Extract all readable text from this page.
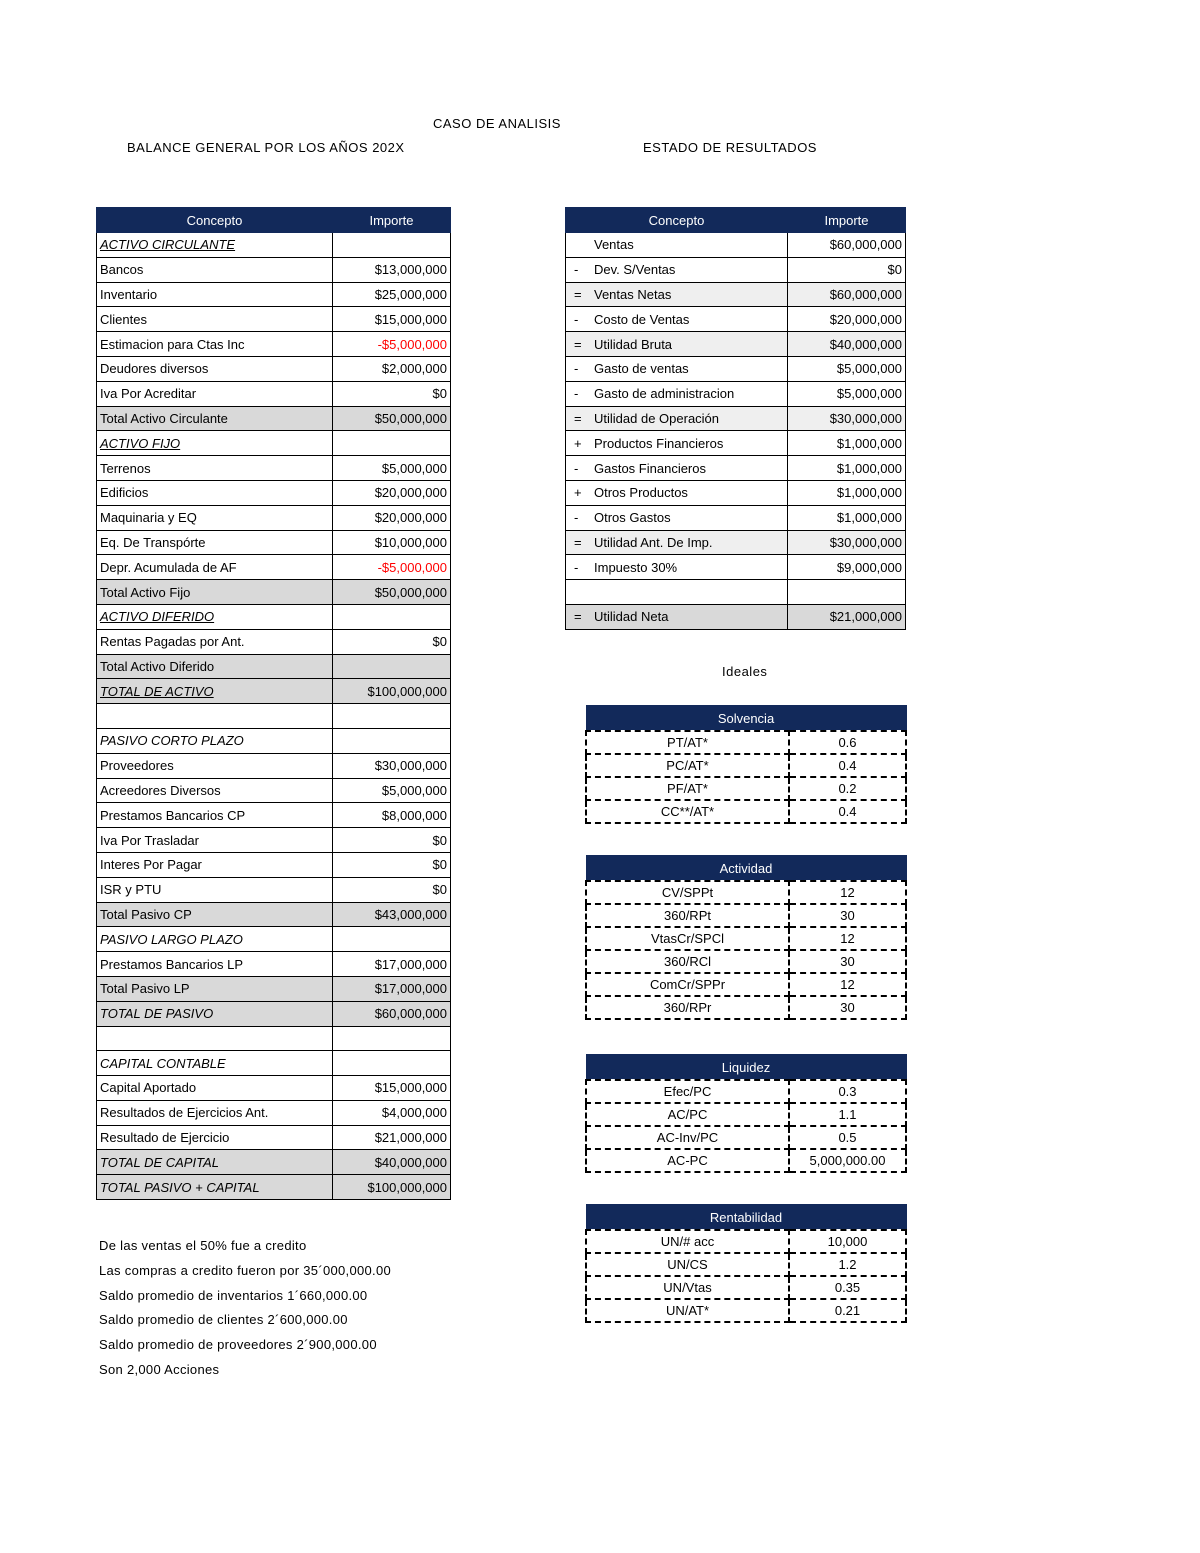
CASO DE ANALISIS
BALANCE GENERAL POR LOS AÑOS 202X	ESTADO DE RESULTADOS
Concepto	Importe
ACTIVO CIRCULANTE	
Bancos	$13,000,000
Inventario	$25,000,000
Clientes	$15,000,000
Estimacion para Ctas Inc	-$5,000,000
Deudores diversos	$2,000,000
Iva Por Acreditar	$0
Total Activo Circulante	$50,000,000
ACTIVO FIJO	
Terrenos	$5,000,000
Edificios	$20,000,000
Maquinaria y EQ	$20,000,000
Eq. De Transpórte	$10,000,000
Depr. Acumulada de AF	-$5,000,000
Total Activo Fijo	$50,000,000
ACTIVO DIFERIDO	
Rentas Pagadas por Ant.	$0
Total Activo Diferido	
TOTAL DE ACTIVO	$100,000,000

PASIVO CORTO PLAZO	
Proveedores	$30,000,000
Acreedores Diversos	$5,000,000
Prestamos Bancarios CP	$8,000,000
Iva Por Trasladar	$0
Interes Por Pagar	$0
ISR y PTU	$0
Total Pasivo CP	$43,000,000
PASIVO LARGO PLAZO	
Prestamos Bancarios LP	$17,000,000
Total Pasivo LP	$17,000,000
TOTAL DE PASIVO	$60,000,000

CAPITAL CONTABLE	
Capital Aportado	$15,000,000
Resultados de Ejercicios Ant.	$4,000,000
Resultado de Ejercicio	$21,000,000
TOTAL DE CAPITAL	$40,000,000
TOTAL PASIVO + CAPITAL	$100,000,000
Concepto	Importe
Ventas	$60,000,000
- Dev. S/Ventas	$0
= Ventas Netas	$60,000,000
- Costo de Ventas	$20,000,000
= Utilidad Bruta	$40,000,000
- Gasto de ventas	$5,000,000
- Gasto de administracion	$5,000,000
= Utilidad de Operación	$30,000,000
+ Productos Financieros	$1,000,000
- Gastos Financieros	$1,000,000
+ Otros Productos	$1,000,000
- Otros Gastos	$1,000,000
= Utilidad Ant. De Imp.	$30,000,000
- Impuesto 30%	$9,000,000

= Utilidad Neta	$21,000,000
Ideales
Solvencia	
PT/AT*	0.6
PC/AT*	0.4
PF/AT*	0.2
CC**/AT*	0.4
Actividad	
CV/SPPt	12
360/RPt	30
VtasCr/SPCl	12
360/RCl	30
ComCr/SPPr	12
360/RPr	30
Liquidez	
Efec/PC	0.3
AC/PC	1.1
AC-Inv/PC	0.5
AC-PC	5,000,000.00
Rentabilidad	
UN/# acc	10,000
UN/CS	1.2
UN/Vtas	0.35
UN/AT*	0.21
De las ventas el 50% fue a credito
Las compras a credito fueron por 35´000,000.00
Saldo promedio de inventarios 1´660,000.00
Saldo promedio de clientes 2´600,000.00
Saldo promedio de proveedores 2´900,000.00
Son 2,000 Acciones
